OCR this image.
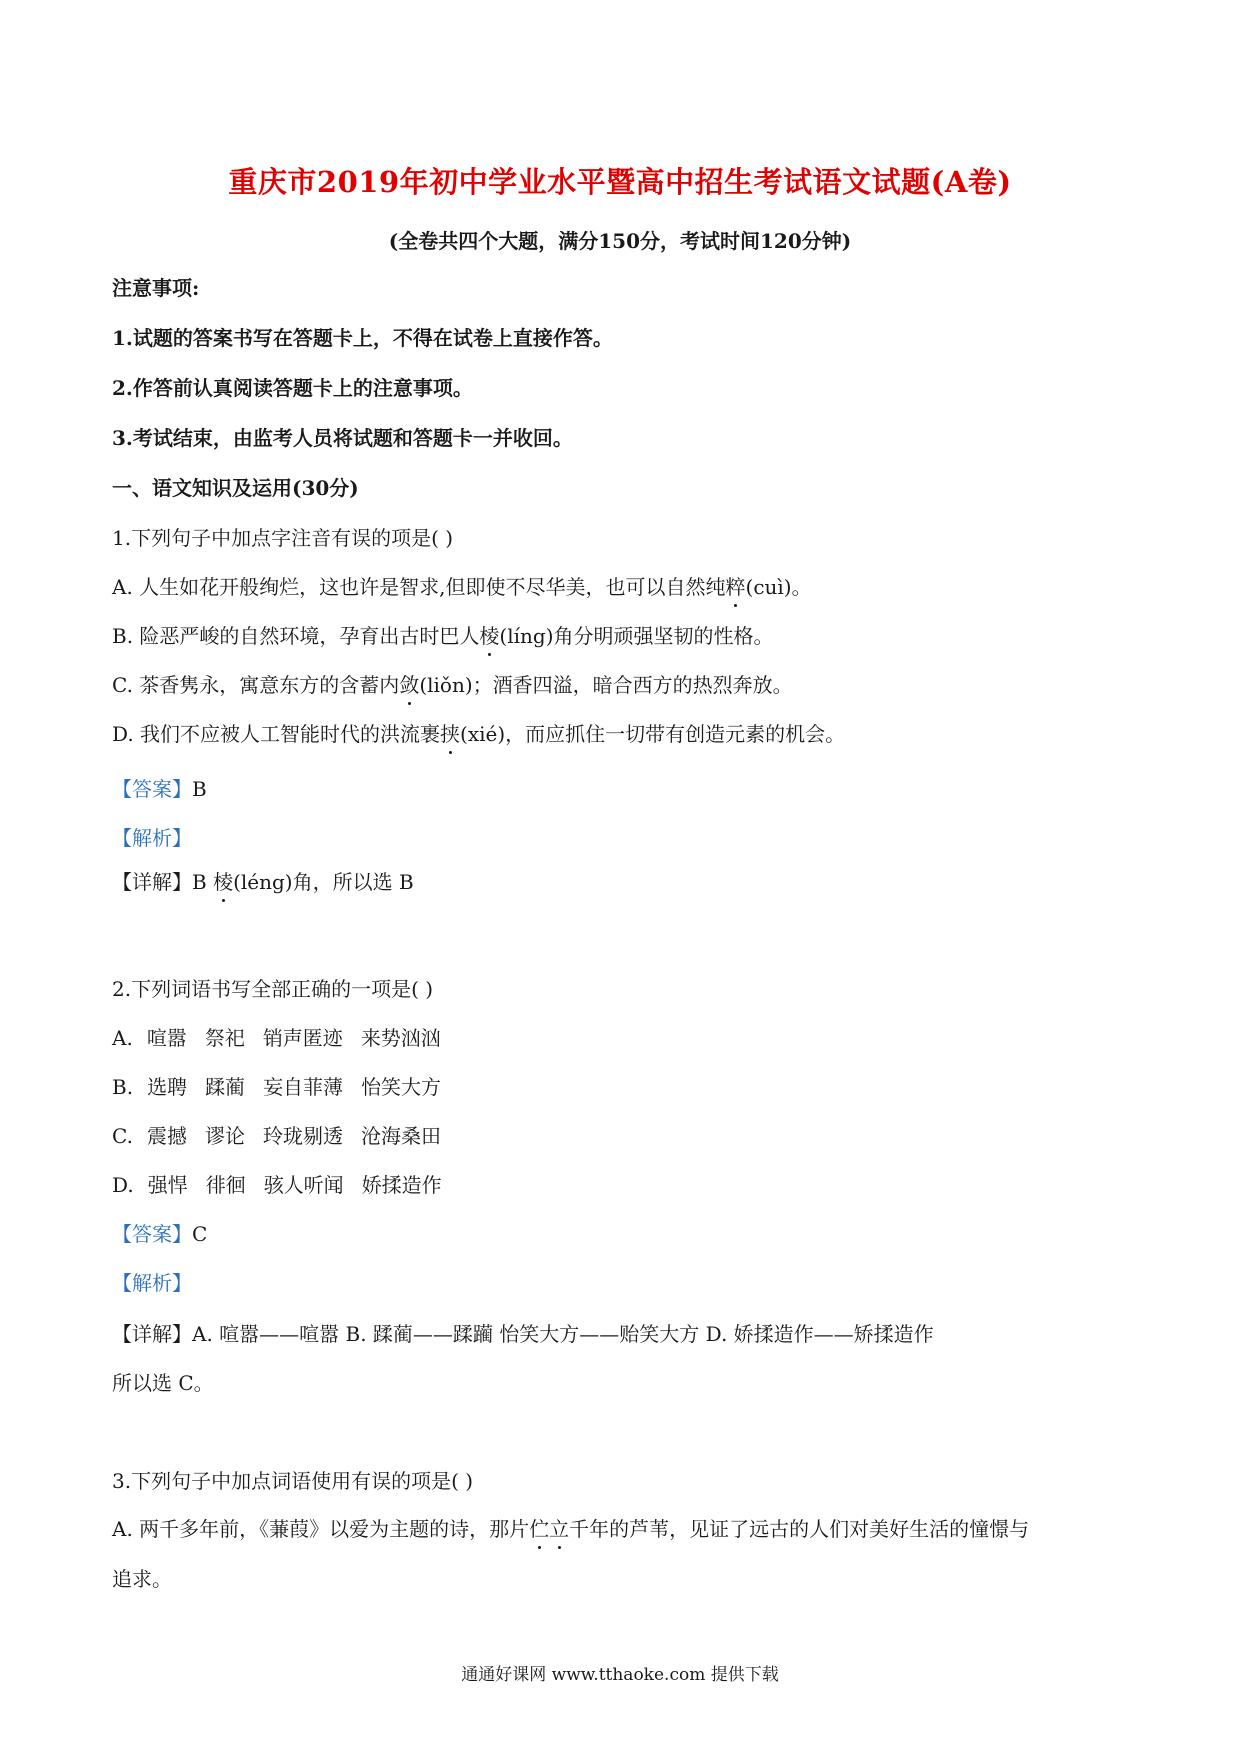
重庆市2019年初中学业水平暨高中招生考试语文试题(A卷)
(全卷共四个大题，满分150分，考试时间120分钟)
注意事项:
1.试题的答案书写在答题卡上，不得在试卷上直接作答。
2.作答前认真阅读答题卡上的注意事项。
3.考试结束，由监考人员将试题和答题卡一并收回。
一、语文知识及运用(30分)
1.下列句子中加点字注音有误的项是( )
A. 人生如花开般绚烂，这也许是智求,但即使不尽华美，也可以自然纯粹(cuì)。
B. 险恶严峻的自然环境，孕育出古时巴人棱(líng)角分明顽强坚韧的性格。
C. 茶香隽永，寓意东方的含蓄内敛(liǒn)；酒香四溢，暗合西方的热烈奔放。
D. 我们不应被人工智能时代的洪流裹挟(xié)，而应抓住一切带有创造元素的机会。
【答案】B
【解析】
【详解】B 棱(léng)角，所以选 B
2.下列词语书写全部正确的一项是( )
A. 喧嚣 祭祀 销声匿迹 来势汹汹
B. 选聘 蹂蔺 妄自菲薄 怡笑大方
C. 震撼 谬论 玲珑剔透 沧海桑田
D. 强悍 徘徊 骇人听闻 娇揉造作
【答案】C
【解析】
【详解】A. 喧嚣——喧嚣 B. 蹂蔺——蹂躏 怡笑大方——贻笑大方 D. 娇揉造作——矫揉造作
所以选 C。
3.下列句子中加点词语使用有误的项是( )
A. 两千多年前，《蒹葭》以爱为主题的诗，那片伫立千年的芦苇，见证了远古的人们对美好生活的憧憬与
追求。
通通好课网 www.tthaoke.com 提供下载
